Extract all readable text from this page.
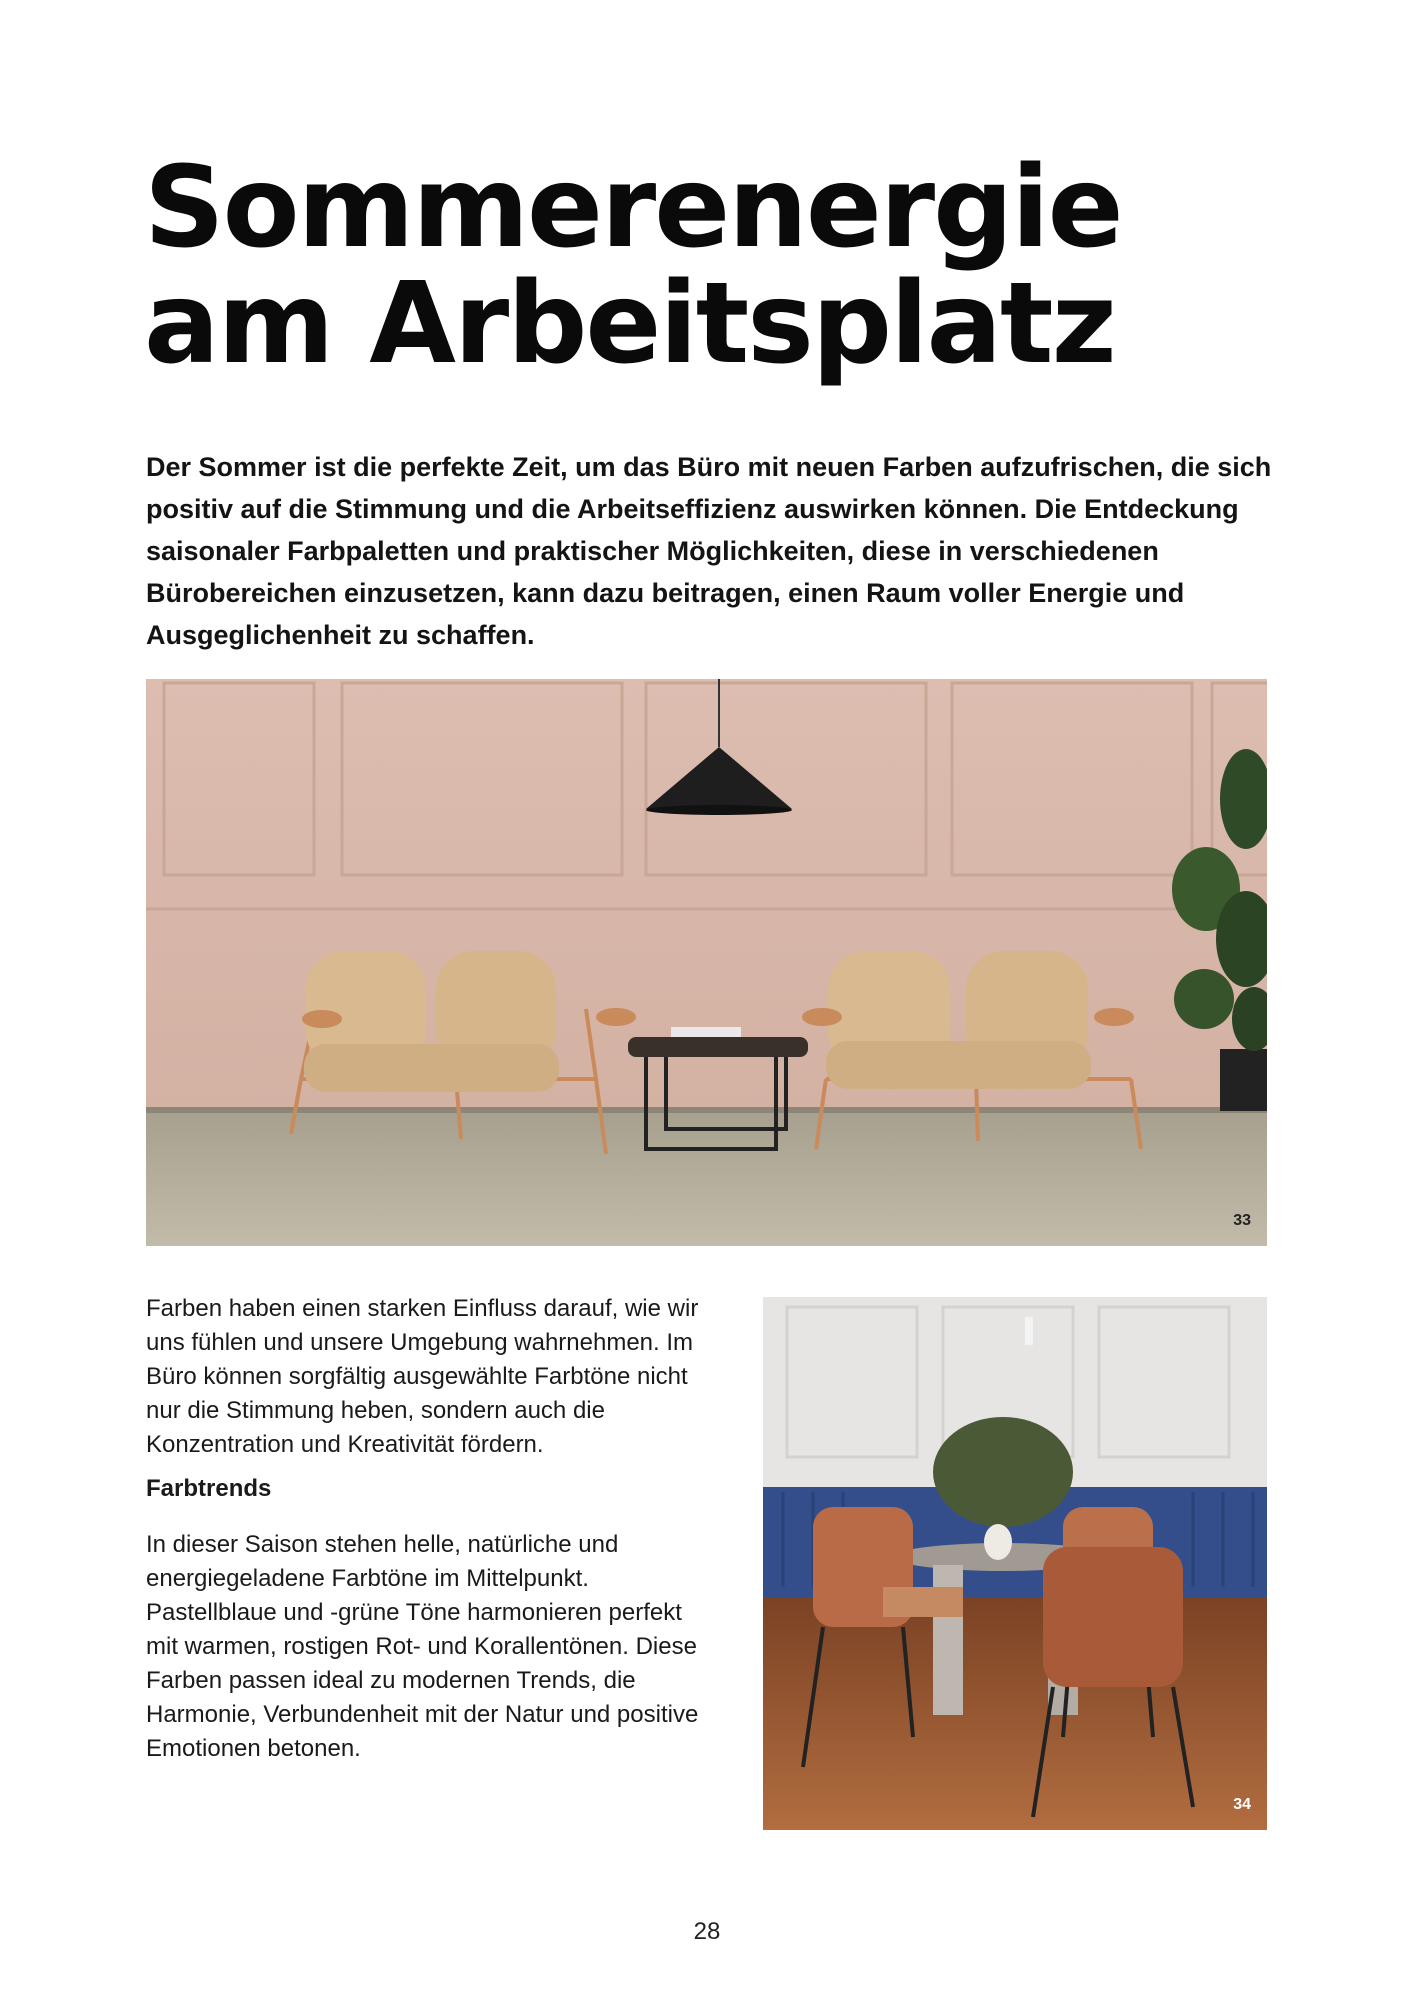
Sommerenergie
am Arbeitsplatz

Der Sommer ist die perfekte Zeit, um das Büro mit neuen Farben aufzufrischen, die sich positiv auf die Stimmung und die Arbeitseffizienz auswirken können. Die Entdeckung saisonaler Farbpaletten und praktischer Möglichkeiten, diese in verschiedenen Bürobereichen einzusetzen, kann dazu beitragen, einen Raum voller Energie und Ausgeglichenheit zu schaffen.

33

Farben haben einen starken Einfluss darauf, wie wir uns fühlen und unsere Umgebung wahrnehmen. Im Büro können sorgfältig ausgewählte Farbtöne nicht nur die Stimmung heben, sondern auch die Konzentration und Kreativität fördern.

Farbtrends

In dieser Saison stehen helle, natürliche und energiegeladene Farbtöne im Mittelpunkt. Pastellblaue und -grüne Töne harmonieren perfekt mit warmen, rostigen Rot- und Korallentönen. Diese Farben passen ideal zu modernen Trends, die Harmonie, Verbundenheit mit der Natur und positive Emotionen betonen.

34
28
